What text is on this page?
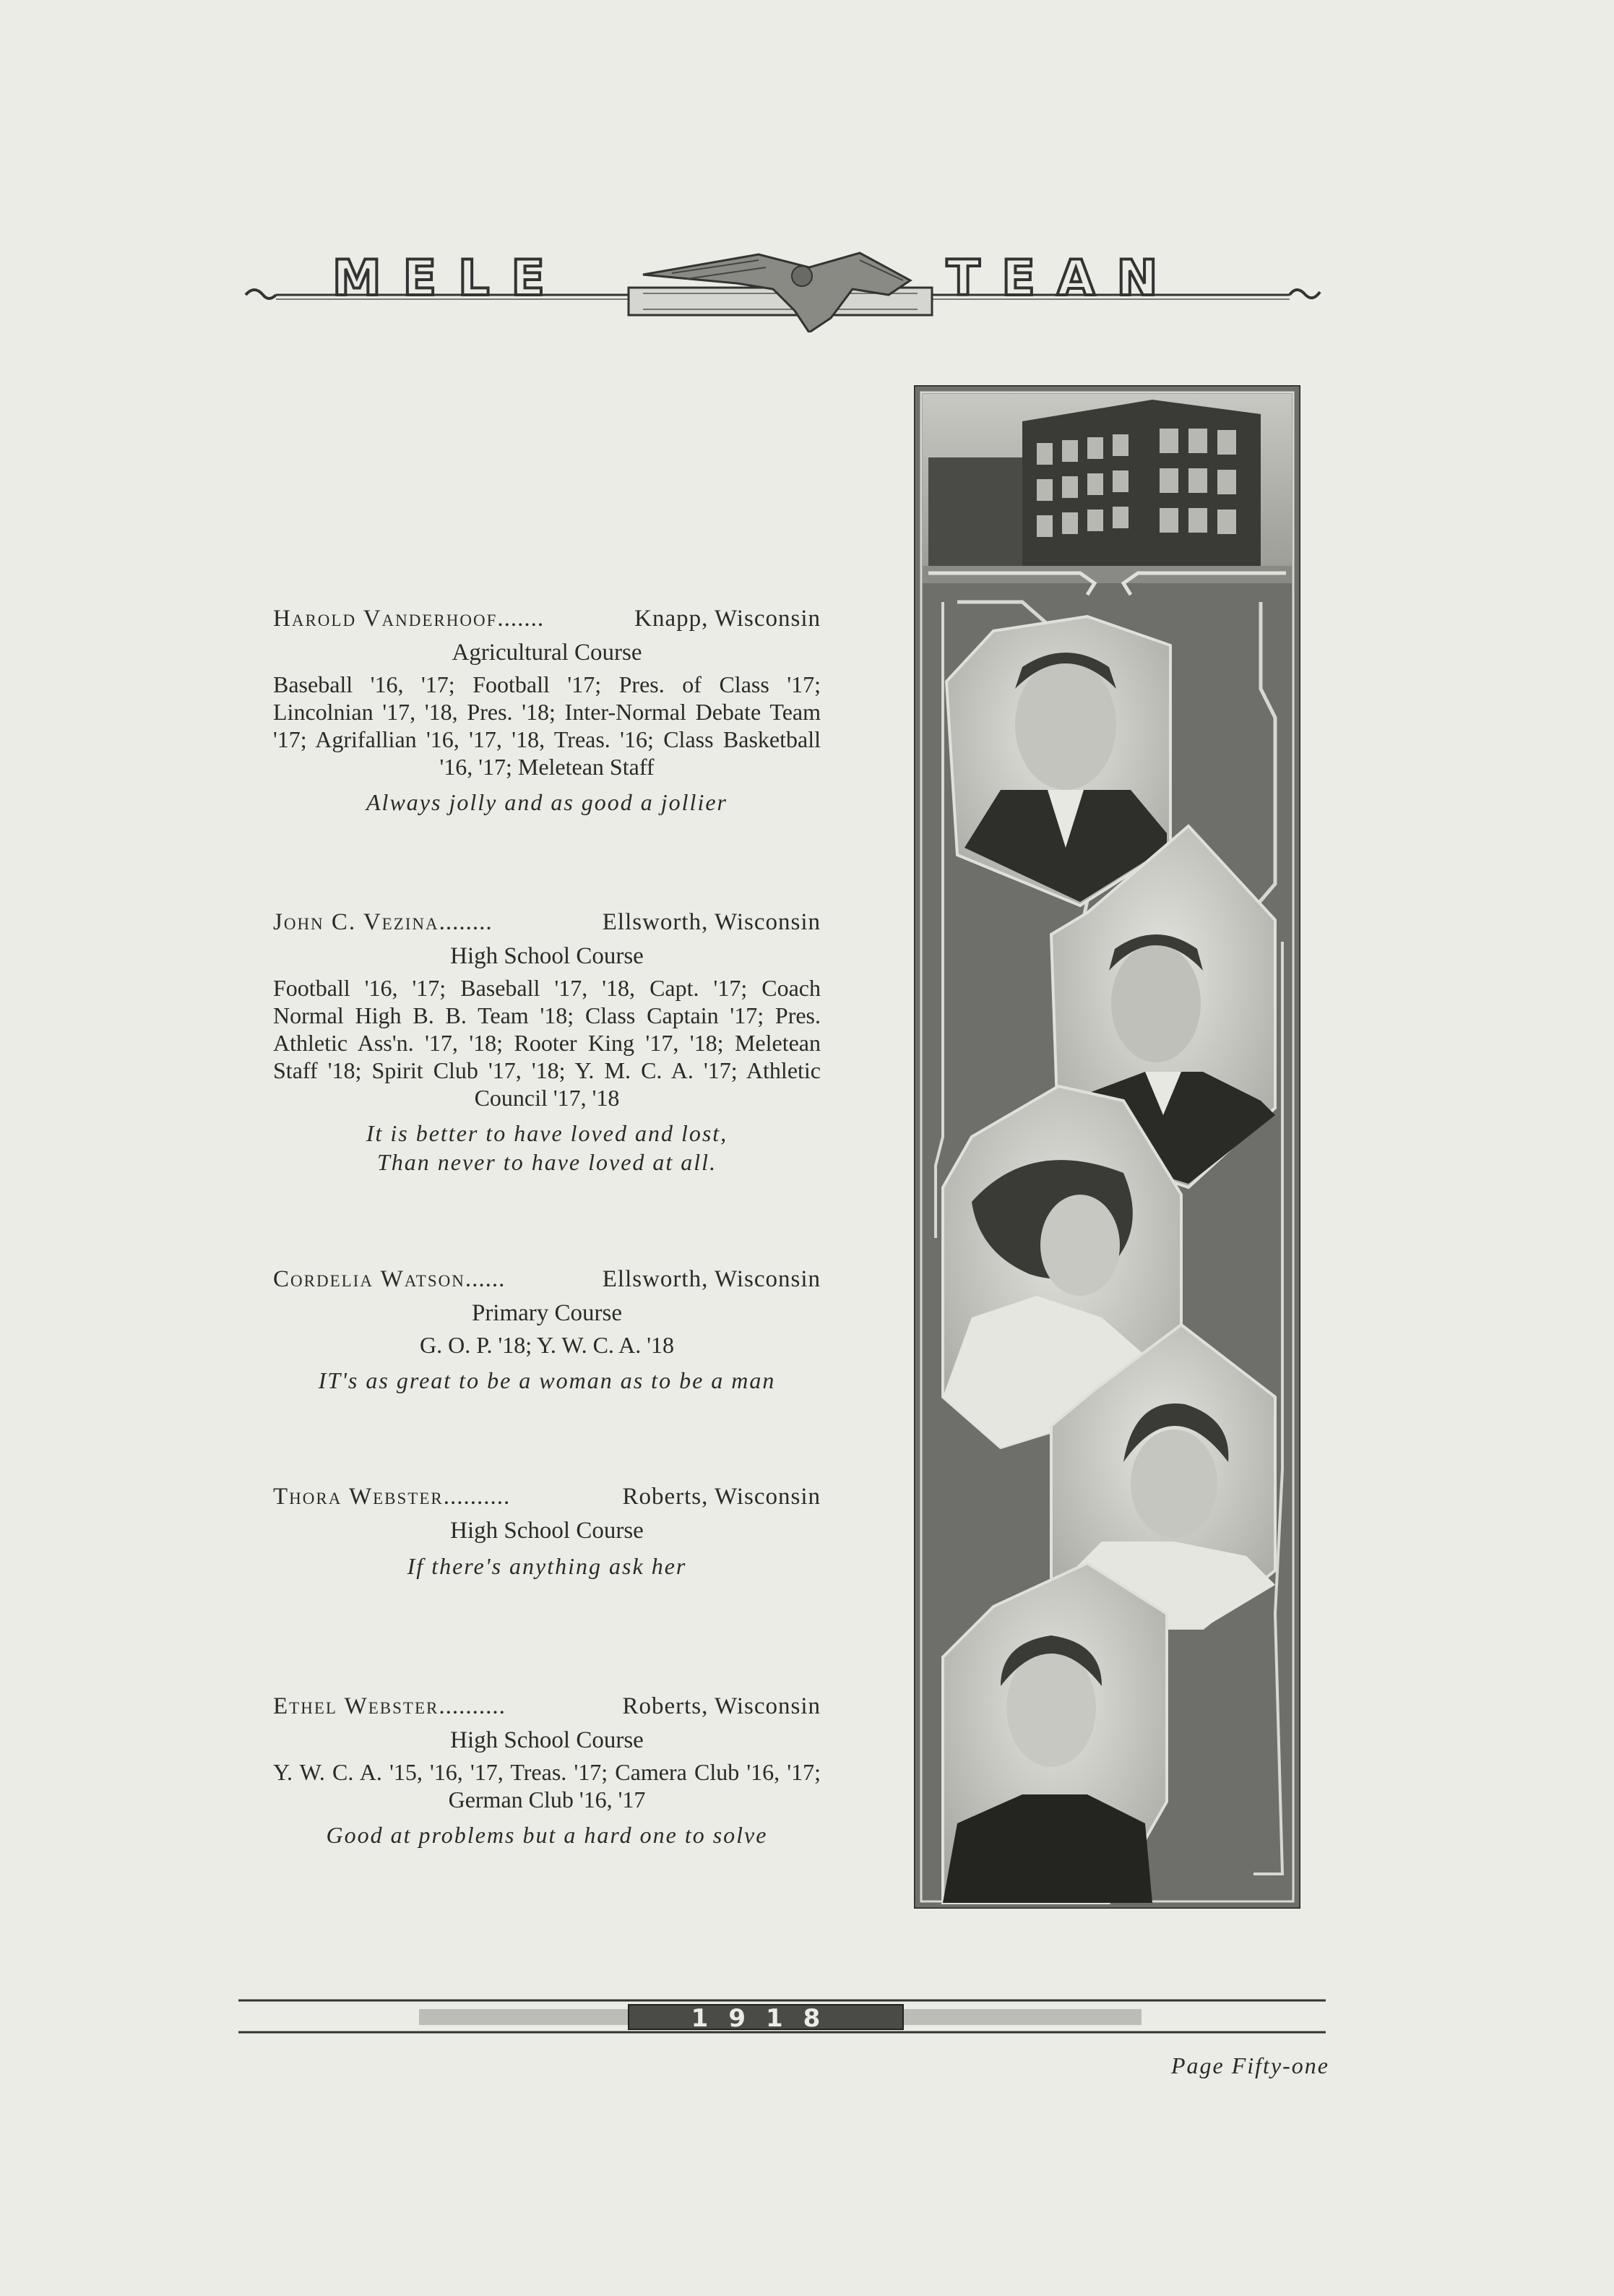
MELE	TEAN
Harold Vanderhoof.......	Knapp, Wisconsin
Agricultural Course
Baseball '16, '17; Football '17; Pres. of Class '17; Lincolnian '17, '18, Pres. '18; Inter-Normal Debate Team '17; Agrifallian '16, '17, '18, Treas. '16; Class Basketball '16, '17; Meletean Staff
Always jolly and as good a jollier
John C. Vezina........	Ellsworth, Wisconsin
High School Course
Football '16, '17; Baseball '17, '18, Capt. '17; Coach Normal High B. B. Team '18; Class Captain '17; Pres. Athletic Ass'n. '17, '18; Rooter King '17, '18; Meletean Staff '18; Spirit Club '17, '18; Y. M. C. A. '17; Athletic Council '17, '18
It is better to have loved and lost,
Than never to have loved at all.
Cordelia Watson......	Ellsworth, Wisconsin
Primary Course
G. O. P. '18; Y. W. C. A. '18
IT's as great to be a woman as to be a man
Thora Webster..........	Roberts, Wisconsin
High School Course
If there's anything ask her
Ethel Webster..........	Roberts, Wisconsin
High School Course
Y. W. C. A. '15, '16, '17, Treas. '17; Camera Club '16, '17; German Club '16, '17
Good at problems but a hard one to solve
1918
Page Fifty-one
